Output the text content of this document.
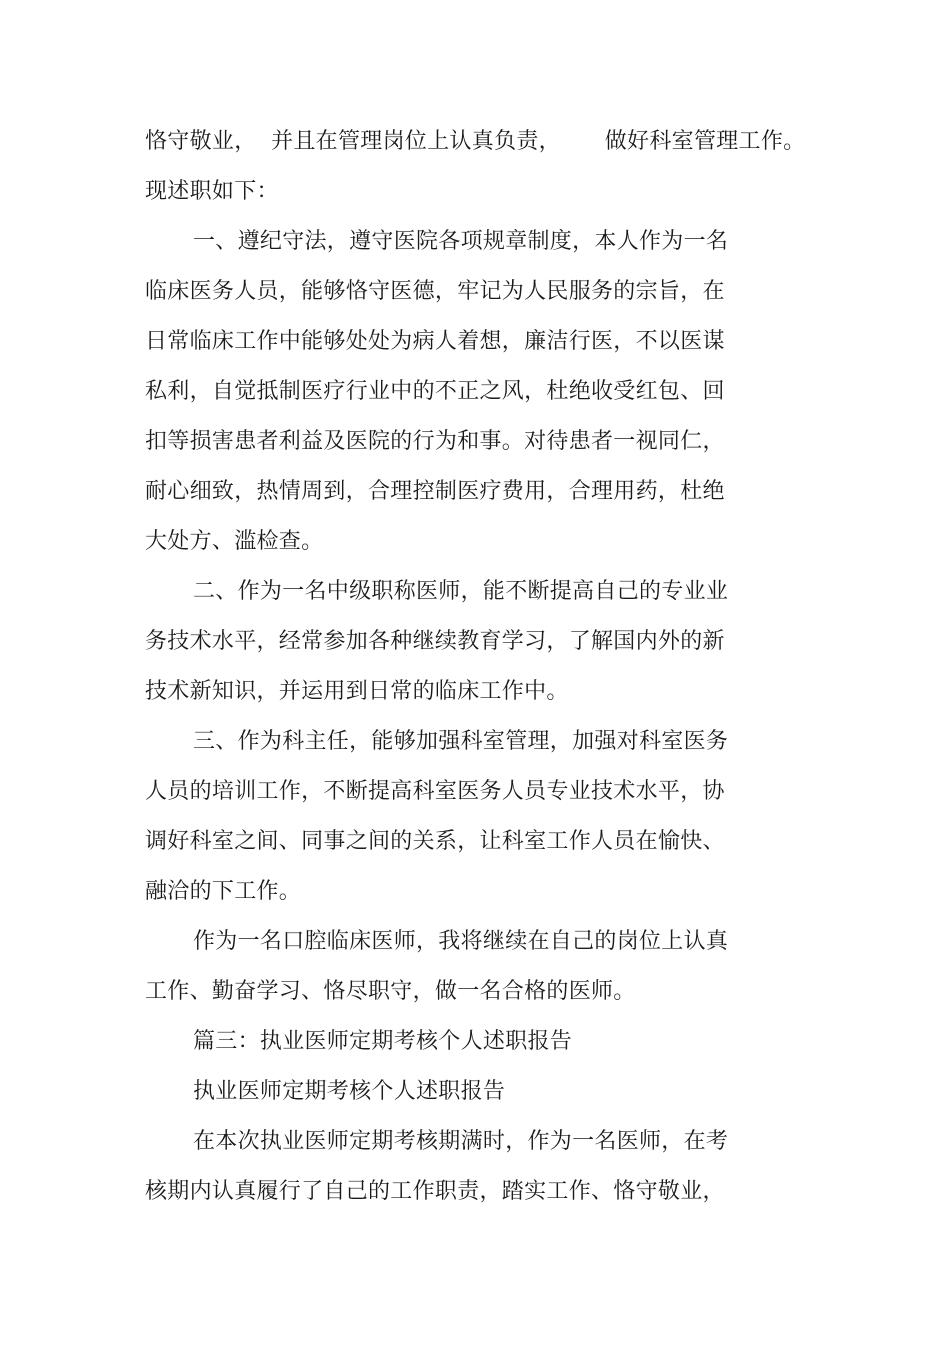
恪守敬业，  并且在管理岗位上认真负责，      做好科室管理工作。
现述职如下：
一、遵纪守法，遵守医院各项规章制度，本人作为一名
临床医务人员，能够恪守医德，牢记为人民服务的宗旨，在
日常临床工作中能够处处为病人着想，廉洁行医，不以医谋
私利，自觉抵制医疗行业中的不正之风，杜绝收受红包、回
扣等损害患者利益及医院的行为和事。对待患者一视同仁，
耐心细致，热情周到，合理控制医疗费用，合理用药，杜绝
大处方、滥检查。
二、作为一名中级职称医师，能不断提高自己的专业业
务技术水平，经常参加各种继续教育学习，了解国内外的新
技术新知识，并运用到日常的临床工作中。
三、作为科主任，能够加强科室管理，加强对科室医务
人员的培训工作，不断提高科室医务人员专业技术水平，协
调好科室之间、同事之间的关系，让科室工作人员在愉快、
融洽的下工作。
作为一名口腔临床医师，我将继续在自己的岗位上认真
工作、勤奋学习、恪尽职守，做一名合格的医师。
篇三：执业医师定期考核个人述职报告
执业医师定期考核个人述职报告
在本次执业医师定期考核期满时，作为一名医师，在考
核期内认真履行了自己的工作职责，踏实工作、恪守敬业，
